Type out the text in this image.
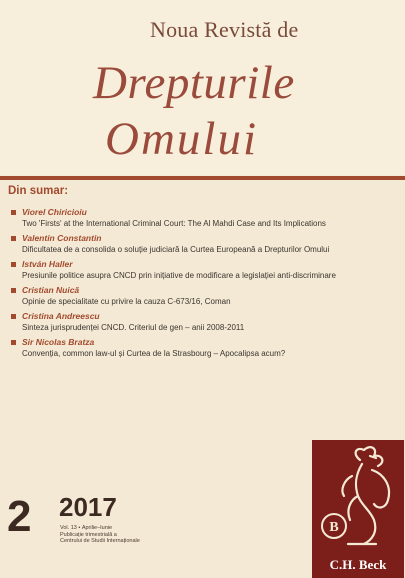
Noua Revistă de
Drepturile
Omului
Din sumar:
Viorel Chiricioiu
Two 'Firsts' at the International Criminal Court: The Al Mahdi Case and Its Implications
Valentin Constantin
Dificultatea de a consolida o soluție judiciară la Curtea Europeană a Drepturilor Omului
István Haller
Presiunile politice asupra CNCD prin inițiative de modificare a legislației anti-discriminare
Cristian Nuică
Opinie de specialitate cu privire la cauza C-673/16, Coman
Cristina Andreescu
Sinteza jurisprudenței CNCD. Criteriul de gen – anii 2008-2011
Sir Nicolas Bratza
Convenția, common law-ul și Curtea de la Strasbourg – Apocalipsa acum?
2 2017
Vol. 13 • Aprilie–Iunie
Publicație trimestrială a
Centrului de Studii Internaționale
B
C.H. Beck
